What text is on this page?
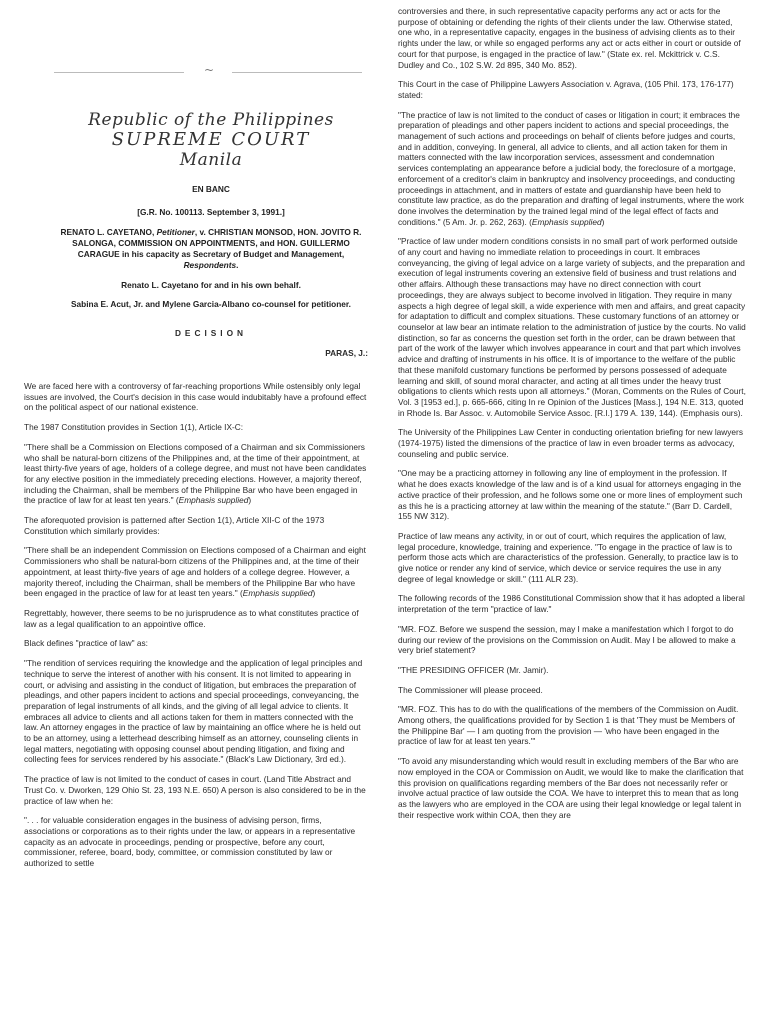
~
Republic of the Philippines
SUPREME COURT
Manila
EN BANC
[G.R. No. 100113. September 3, 1991.]
RENATO L. CAYETANO, Petitioner, v. CHRISTIAN MONSOD, HON. JOVITO R. SALONGA, COMMISSION ON APPOINTMENTS, and HON. GUILLERMO CARAGUE in his capacity as Secretary of Budget and Management, Respondents.
Renato L. Cayetano for and in his own behalf.
Sabina E. Acut, Jr. and Mylene Garcia-Albano co-counsel for petitioner.
DECISION
PARAS, J.:

We are faced here with a controversy of far-reaching proportions While ostensibly only legal issues are involved, the Court's decision in this case would indubitably have a profound effect on the political aspect of our national existence.

The 1987 Constitution provides in Section 1(1), Article IX-C:

"There shall be a Commission on Elections composed of a Chairman and six Commissioners who shall be natural-born citizens of the Philippines and, at the time of their appointment, at least thirty-five years of age, holders of a college degree, and must not have been candidates for any elective position in the immediately preceding elections. However, a majority thereof, including the Chairman, shall be members of the Philippine Bar who have been engaged in the practice of law for at least ten years." (Emphasis supplied)

The aforequoted provision is patterned after Section 1(1), Article XII-C of the 1973 Constitution which similarly provides:

"There shall be an independent Commission on Elections composed of a Chairman and eight Commissioners who shall be natural-born citizens of the Philippines and, at the time of their appointment, at least thirty-five years of age and holders of a college degree. However, a majority thereof, including the Chairman, shall be members of the Philippine Bar who have been engaged in the practice of law for at least ten years." (Emphasis supplied)

Regrettably, however, there seems to be no jurisprudence as to what constitutes practice of law as a legal qualification to an appointive office.

Black defines "practice of law" as:

"The rendition of services requiring the knowledge and the application of legal principles and technique to serve the interest of another with his consent. It is not limited to appearing in court, or advising and assisting in the conduct of litigation, but embraces the preparation of pleadings, and other papers incident to actions and special proceedings, conveyancing, the preparation of legal instruments of all kinds, and the giving of all legal advice to clients. It embraces all advice to clients and all actions taken for them in matters connected with the law. An attorney engages in the practice of law by maintaining an office where he is held out to be an attorney, using a letterhead describing himself as an attorney, counseling clients in legal matters, negotiating with opposing counsel about pending litigation, and fixing and collecting fees for services rendered by his associate." (Black's Law Dictionary, 3rd ed.).

The practice of law is not limited to the conduct of cases in court. (Land Title Abstract and Trust Co. v. Dworken, 129 Ohio St. 23, 193 N.E. 650) A person is also considered to be in the practice of law when he:

". . . for valuable consideration engages in the business of advising person, firms, associations or corporations as to their rights under the law, or appears in a representative capacity as an advocate in proceedings, pending or prospective, before any court, commissioner, referee, board, body, committee, or commission constituted by law or authorized to settle

controversies and there, in such representative capacity performs any act or acts for the purpose of obtaining or defending the rights of their clients under the law. Otherwise stated, one who, in a representative capacity, engages in the business of advising clients as to their rights under the law, or while so engaged performs any act or acts either in court or outside of court for that purpose, is engaged in the practice of law." (State ex. rel. Mckittrick v. C.S. Dudley and Co., 102 S.W. 2d 895, 340 Mo. 852).

This Court in the case of Philippine Lawyers Association v. Agrava, (105 Phil. 173, 176-177) stated:

"The practice of law is not limited to the conduct of cases or litigation in court; it embraces the preparation of pleadings and other papers incident to actions and special proceedings, the management of such actions and proceedings on behalf of clients before judges and courts, and in addition, conveying. In general, all advice to clients, and all action taken for them in matters connected with the law incorporation services, assessment and condemnation services contemplating an appearance before a judicial body, the foreclosure of a mortgage, enforcement of a creditor's claim in bankruptcy and insolvency proceedings, and conducting proceedings in attachment, and in matters of estate and guardianship have been held to constitute law practice, as do the preparation and drafting of legal instruments, where the work done involves the determination by the trained legal mind of the legal effect of facts and conditions." (5 Am. Jr. p. 262, 263). (Emphasis supplied)

"Practice of law under modern conditions consists in no small part of work performed outside of any court and having no immediate relation to proceedings in court. It embraces conveyancing, the giving of legal advice on a large variety of subjects, and the preparation and execution of legal instruments covering an extensive field of business and trust relations and other affairs. Although these transactions may have no direct connection with court proceedings, they are always subject to become involved in litigation. They require in many aspects a high degree of legal skill, a wide experience with men and affairs, and great capacity for adaptation to difficult and complex situations. These customary functions of an attorney or counselor at law bear an intimate relation to the administration of justice by the courts. No valid distinction, so far as concerns the question set forth in the order, can be drawn between that part of the work of the lawyer which involves appearance in court and that part which involves advice and drafting of instruments in his office. It is of importance to the welfare of the public that these manifold customary functions be performed by persons possessed of adequate learning and skill, of sound moral character, and acting at all times under the heavy trust obligations to clients which rests upon all attorneys." (Moran, Comments on the Rules of Court, Vol. 3 [1953 ed.], p. 665-666, citing In re Opinion of the Justices [Mass.], 194 N.E. 313, quoted in Rhode Is. Bar Assoc. v. Automobile Service Assoc. [R.I.] 179 A. 139, 144). (Emphasis ours).

The University of the Philippines Law Center in conducting orientation briefing for new lawyers (1974-1975) listed the dimensions of the practice of law in even broader terms as advocacy, counseling and public service.

"One may be a practicing attorney in following any line of employment in the profession. If what he does exacts knowledge of the law and is of a kind usual for attorneys engaging in the active practice of their profession, and he follows some one or more lines of employment such as this he is a practicing attorney at law within the meaning of the statute." (Barr D. Cardell, 155 NW 312).

Practice of law means any activity, in or out of court, which requires the application of law, legal procedure, knowledge, training and experience. "To engage in the practice of law is to perform those acts which are characteristics of the profession. Generally, to practice law is to give notice or render any kind of service, which device or service requires the use in any degree of legal knowledge or skill." (111 ALR 23).

The following records of the 1986 Constitutional Commission show that it has adopted a liberal interpretation of the term "practice of law."

"MR. FOZ. Before we suspend the session, may I make a manifestation which I forgot to do during our review of the provisions on the Commission on Audit. May I be allowed to make a very brief statement?

"THE PRESIDING OFFICER (Mr. Jamir).

The Commissioner will please proceed.

"MR. FOZ. This has to do with the qualifications of the members of the Commission on Audit. Among others, the qualifications provided for by Section 1 is that 'They must be Members of the Philippine Bar' — I am quoting from the provision — 'who have been engaged in the practice of law for at least ten years.'"

"To avoid any misunderstanding which would result in excluding members of the Bar who are now employed in the COA or Commission on Audit, we would like to make the clarification that this provision on qualifications regarding members of the Bar does not necessarily refer or involve actual practice of law outside the COA. We have to interpret this to mean that as long as the lawyers who are employed in the COA are using their legal knowledge or legal talent in their respective work within COA, then they are
